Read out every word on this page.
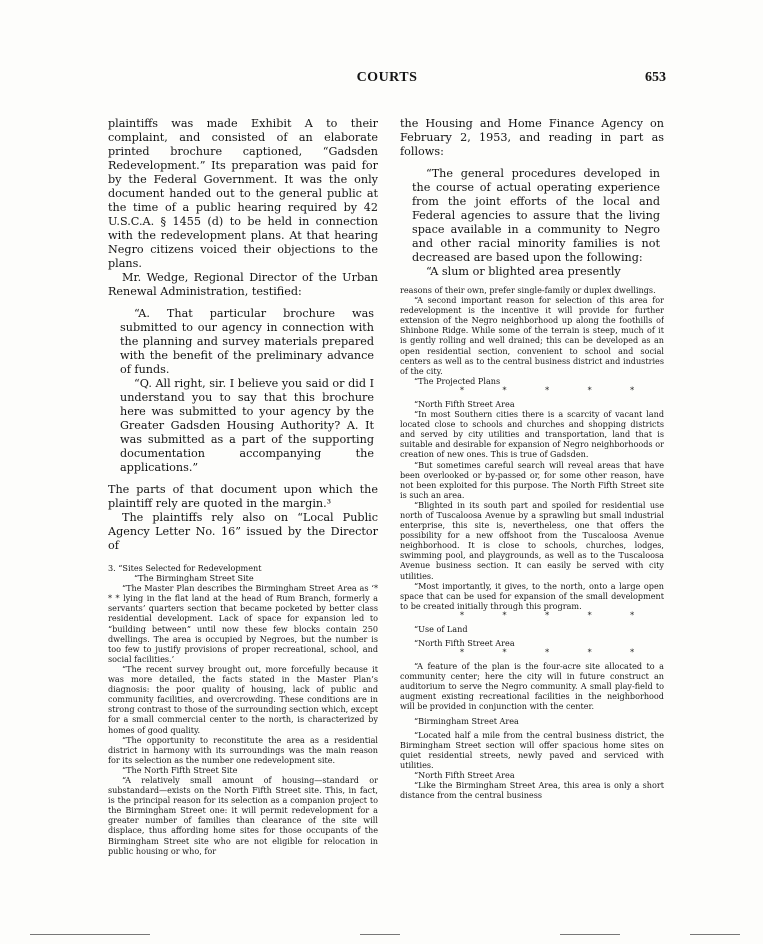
COURTS	653

plaintiffs was made Exhibit A to their complaint, and consisted of an elaborate printed brochure captioned, “Gadsden Redevelopment.” Its preparation was paid for by the Federal Government. It was the only document handed out to the general public at the time of a public hearing required by 42 U.S.C.A. § 1455 (d) to be held in connection with the redevelopment plans. At that hearing Negro citizens voiced their objections to the plans.

Mr. Wedge, Regional Director of the Urban Renewal Administration, testified:

“A. That particular brochure was submitted to our agency in connection with the planning and survey materials prepared with the benefit of the preliminary advance of funds.

“Q. All right, sir. I believe you said or did I understand you to say that this brochure here was submitted to your agency by the Greater Gadsden Housing Authority? A. It was submitted as a part of the supporting documentation accompanying the applications.”

The parts of that document upon which the plaintiff rely are quoted in the margin.³

The plaintiffs rely also on “Local Public Agency Letter No. 16” issued by the Director of

3. “Sites Selected for Redevelopment

“The Birmingham Street Site

“The Master Plan describes the Birmingham Street Area as ‘* * * lying in the flat land at the head of Rum Branch, formerly a servants’ quarters section that became pocketed by better class residential development. Lack of space for expansion led to “building between” until now these few blocks contain 250 dwellings. The area is occupied by Negroes, but the number is too few to justify provisions of proper recreational, school, and social facilities.’

“The recent survey brought out, more forcefully because it was more detailed, the facts stated in the Master Plan’s diagnosis: the poor quality of housing, lack of public and community facilities, and overcrowding. These conditions are in strong contrast to those of the surrounding section which, except for a small commercial center to the north, is characterized by homes of good quality.

“The opportunity to reconstitute the area as a residential district in harmony with its surroundings was the main reason for its selection as the number one redevelopment site.

“The North Fifth Street Site

“A relatively small amount of housing—standard or substandard—exists on the North Fifth Street site. This, in fact, is the principal reason for its selection as a companion project to the Birmingham Street one: it will permit redevelopment for a greater number of families than clearance of the site will displace, thus affording home sites for those occupants of the Birmingham Street site who are not eligible for relocation in public housing or who, for

the Housing and Home Finance Agency on February 2, 1953, and reading in part as follows:

“The general procedures developed in the course of actual operating experience from the joint efforts of the local and Federal agencies to assure that the living space available in a community to Negro and other racial minority families is not decreased are based upon the following:

“A slum or blighted area presently

reasons of their own, prefer single-family or duplex dwellings.

“A second important reason for selection of this area for redevelopment is the incentive it will provide for further extension of the Negro neighborhood up along the foothills of Shinbone Ridge. While some of the terrain is steep, much of it is gently rolling and well drained; this can be developed as an open residential section, convenient to school and social centers as well as to the central business district and industries of the city.

“The Projected Plans

* * * * *

“North Fifth Street Area

“In most Southern cities there is a scarcity of vacant land located close to schools and churches and shopping districts and served by city utilities and transportation, land that is suitable and desirable for expansion of Negro neighborhoods or creation of new ones. This is true of Gadsden.

“But sometimes careful search will reveal areas that have been overlooked or by-passed or, for some other reason, have not been exploited for this purpose. The North Fifth Street site is such an area.

“Blighted in its south part and spoiled for residential use north of Tuscaloosa Avenue by a sprawling but small industrial enterprise, this site is, nevertheless, one that offers the possibility for a new offshoot from the Tuscaloosa Avenue neighborhood. It is close to schools, churches, lodges, swimming pool, and playgrounds, as well as to the Tuscaloosa Avenue business section. It can easily be served with city utilities.

“Most importantly, it gives, to the north, onto a large open space that can be used for expansion of the small development to be created initially through this program.

* * * * *

“Use of Land

“North Fifth Street Area

* * * * *

“A feature of the plan is the four-acre site allocated to a community center; here the city will in future construct an auditorium to serve the Negro community. A small play-field to augment existing recreational facilities in the neighborhood will be provided in conjunction with the center.

“Birmingham Street Area

“Located half a mile from the central business district, the Birmingham Street section will offer spacious home sites on quiet residential streets, newly paved and serviced with utilities.

“North Fifth Street Area

“Like the Birmingham Street Area, this area is only a short distance from the central business
